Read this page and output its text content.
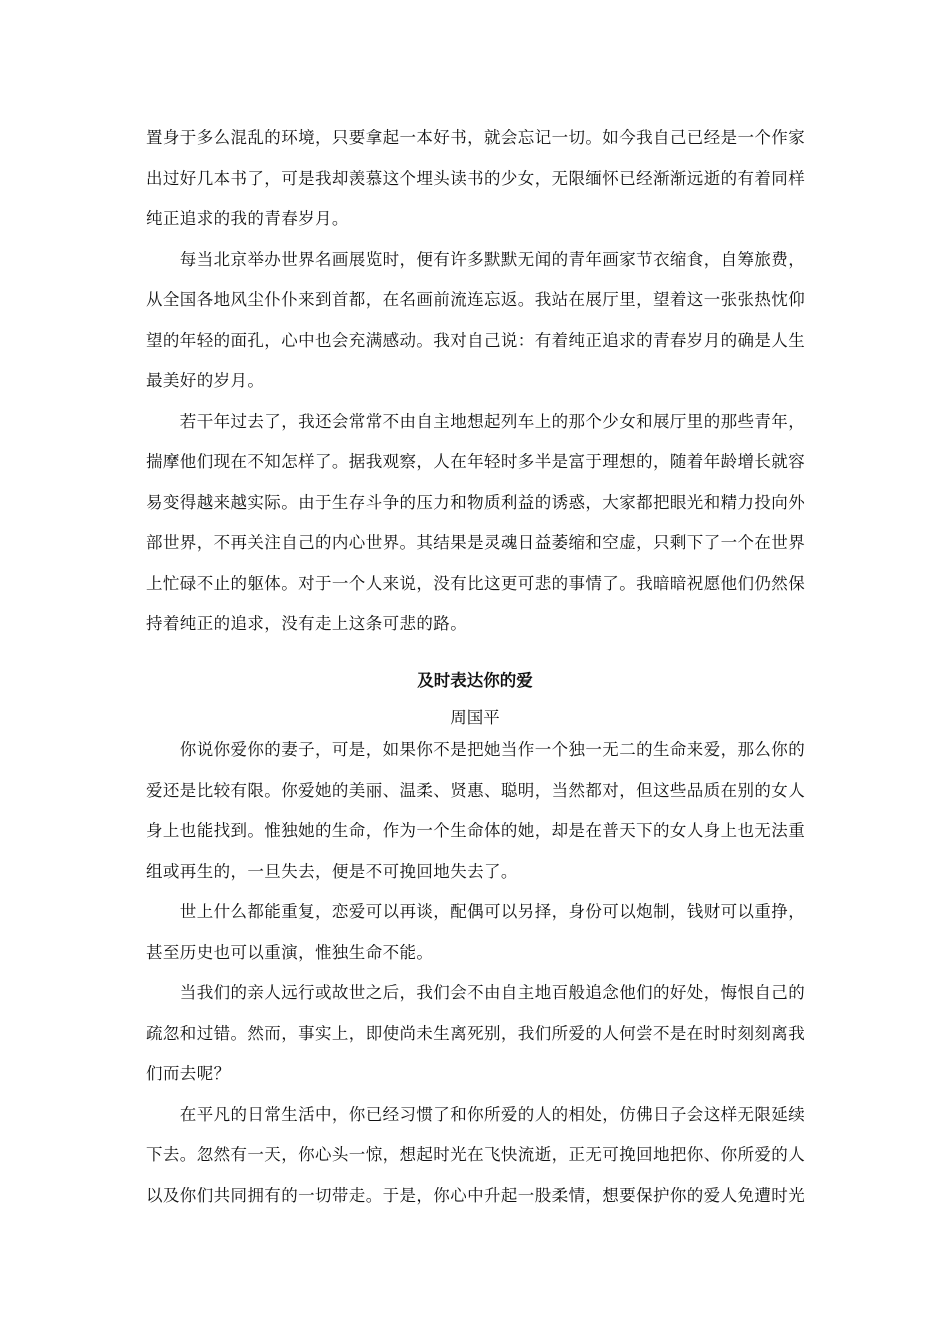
置身于多么混乱的环境，只要拿起一本好书，就会忘记一切。如今我自己已经是一个作家
出过好几本书了，可是我却羡慕这个埋头读书的少女，无限缅怀已经渐渐远逝的有着同样
纯正追求的我的青春岁月。

　　每当北京举办世界名画展览时，便有许多默默无闻的青年画家节衣缩食，自筹旅费，
从全国各地风尘仆仆来到首都，在名画前流连忘返。我站在展厅里，望着这一张张热忱仰
望的年轻的面孔，心中也会充满感动。我对自己说：有着纯正追求的青春岁月的确是人生
最美好的岁月。

　　若干年过去了，我还会常常不由自主地想起列车上的那个少女和展厅里的那些青年，
揣摩他们现在不知怎样了。据我观察，人在年轻时多半是富于理想的，随着年龄增长就容
易变得越来越实际。由于生存斗争的压力和物质利益的诱惑，大家都把眼光和精力投向外
部世界，不再关注自己的内心世界。其结果是灵魂日益萎缩和空虚，只剩下了一个在世界
上忙碌不止的躯体。对于一个人来说，没有比这更可悲的事情了。我暗暗祝愿他们仍然保
持着纯正的追求，没有走上这条可悲的路。

及时表达你的爱
周国平

　　你说你爱你的妻子，可是，如果你不是把她当作一个独一无二的生命来爱，那么你的
爱还是比较有限。你爱她的美丽、温柔、贤惠、聪明，当然都对，但这些品质在别的女人
身上也能找到。惟独她的生命，作为一个生命体的她，却是在普天下的女人身上也无法重
组或再生的，一旦失去，便是不可挽回地失去了。

　　世上什么都能重复，恋爱可以再谈，配偶可以另择，身份可以炮制，钱财可以重挣，
甚至历史也可以重演，惟独生命不能。

　　当我们的亲人远行或故世之后，我们会不由自主地百般追念他们的好处，悔恨自己的
疏忽和过错。然而，事实上，即使尚未生离死别，我们所爱的人何尝不是在时时刻刻离我
们而去呢？

　　在平凡的日常生活中，你已经习惯了和你所爱的人的相处，仿佛日子会这样无限延续
下去。忽然有一天，你心头一惊，想起时光在飞快流逝，正无可挽回地把你、你所爱的人
以及你们共同拥有的一切带走。于是，你心中升起一股柔情，想要保护你的爱人免遭时光
